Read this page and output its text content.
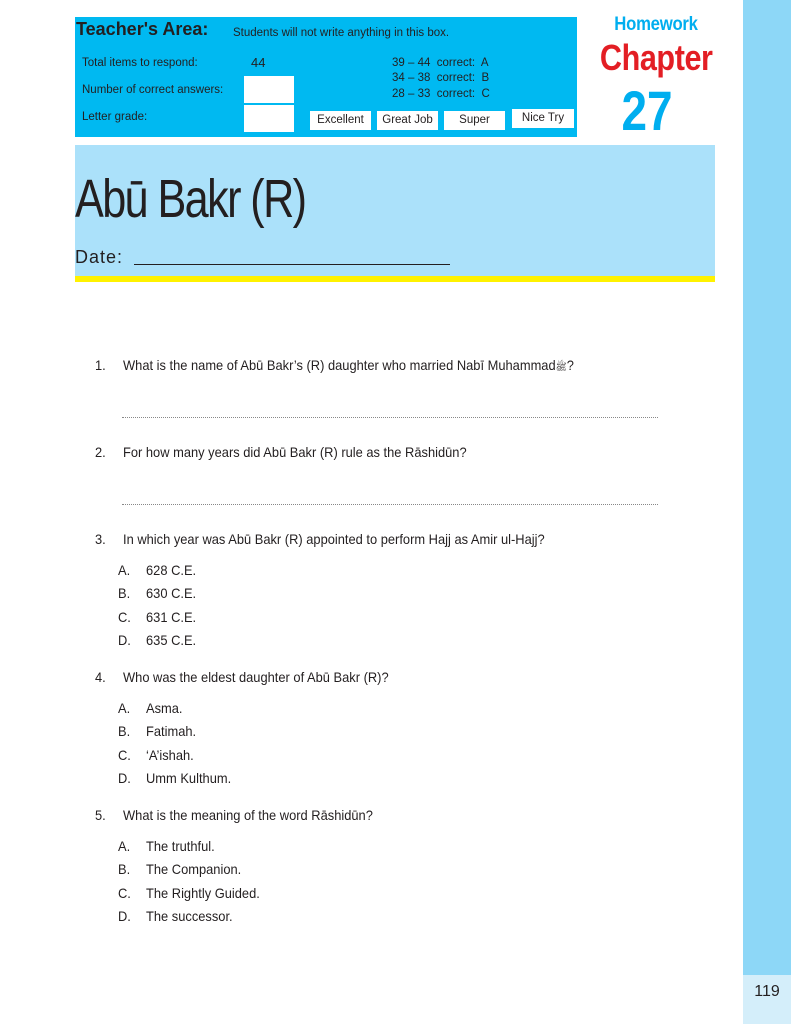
119
Teacher's Area: Students will not write anything in this box.
Total items to respond:	44
Number of correct answers:
Letter grade:
39 – 44  correct:  A
34 – 38  correct:  B
28 – 33  correct:  C
Excellent	Great Job	Super	Nice Try
Homework
Chapter
27
Abū Bakr (R)
Date:
1. What is the name of Abū Bakr’s (R) daughter who married Nabī Muhammadﷺ?
2. For how many years did Abū Bakr (R) rule as the Rāshidūn?
3. In which year was Abū Bakr (R) appointed to perform Hajj as Amir ul-Hajj?
A. 628 C.E.
B. 630 C.E.
C. 631 C.E.
D. 635 C.E.
4. Who was the eldest daughter of Abū Bakr (R)?
A. Asma.
B. Fatimah.
C. ‘A’ishah.
D. Umm Kulthum.
5. What is the meaning of the word Rāshidūn?
A. The truthful.
B. The Companion.
C. The Rightly Guided.
D. The successor.
